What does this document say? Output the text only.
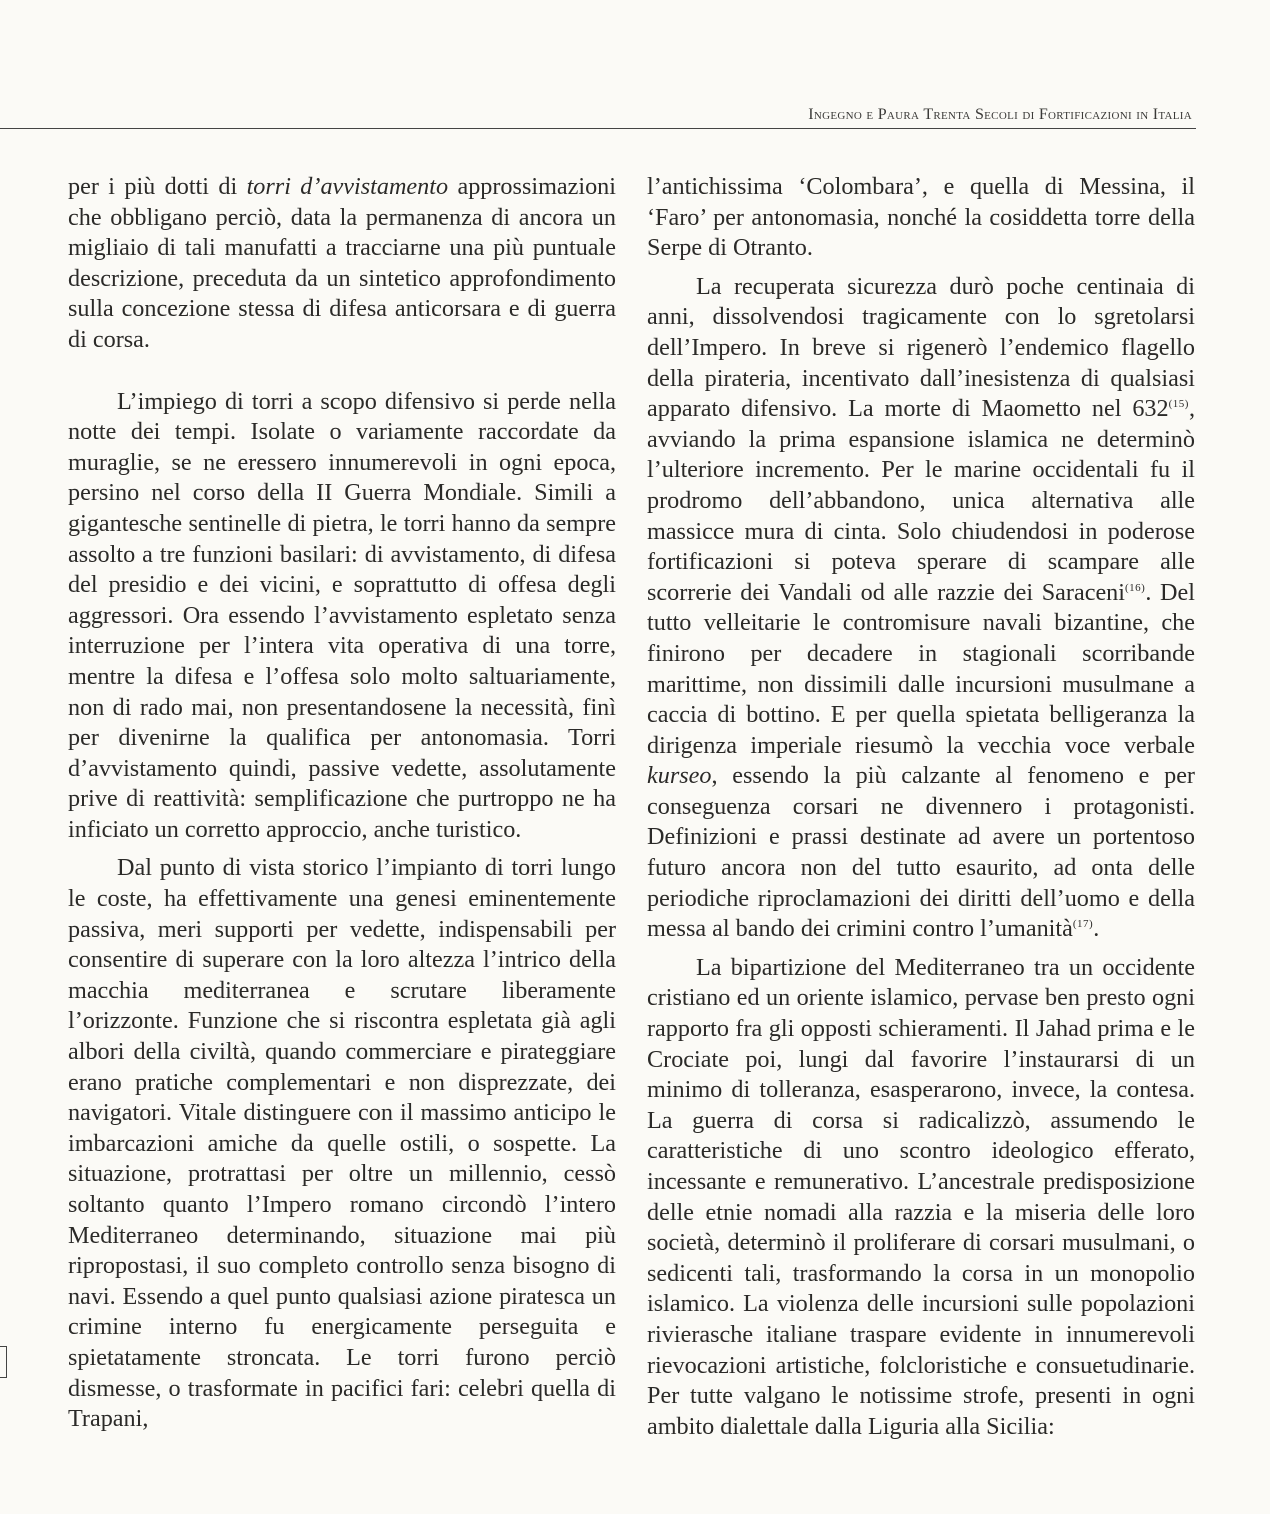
Ingegno e Paura Trenta Secoli di Fortificazioni in Italia

per i più dotti di torri d’avvistamento approssimazioni che obbligano perciò, data la permanenza di ancora un migliaio di tali manufatti a tracciarne una più puntuale descrizione, preceduta da un sintetico approfondimento sulla concezione stessa di difesa anticorsara e di guerra di corsa.

L’impiego di torri a scopo difensivo si perde nella notte dei tempi. Isolate o variamente raccordate da muraglie, se ne eressero innumerevoli in ogni epoca, persino nel corso della II Guerra Mondiale. Simili a gigantesche sentinelle di pietra, le torri hanno da sempre assolto a tre funzioni basilari: di avvistamento, di difesa del presidio e dei vicini, e soprattutto di offesa degli aggressori. Ora essendo l’avvistamento espletato senza interruzione per l’intera vita operativa di una torre, mentre la difesa e l’offesa solo molto saltuariamente, non di rado mai, non presentandosene la necessità, finì per divenirne la qualifica per antonomasia. Torri d’avvistamento quindi, passive vedette, assolutamente prive di reattività: semplificazione che purtroppo ne ha inficiato un corretto approccio, anche turistico.

Dal punto di vista storico l’impianto di torri lungo le coste, ha effettivamente una genesi eminentemente passiva, meri supporti per vedette, indispensabili per consentire di superare con la loro altezza l’intrico della macchia mediterranea e scrutare liberamente l’orizzonte. Funzione che si riscontra espletata già agli albori della civiltà, quando commerciare e pirateggiare erano pratiche complementari e non disprezzate, dei navigatori. Vitale distinguere con il massimo anticipo le imbarcazioni amiche da quelle ostili, o sospette. La situazione, protrattasi per oltre un millennio, cessò soltanto quanto l’Impero romano circondò l’intero Mediterraneo determinando, situazione mai più ripropostasi, il suo completo controllo senza bisogno di navi. Essendo a quel punto qualsiasi azione piratesca un crimine interno fu energicamente perseguita e spietatamente stroncata. Le torri furono perciò dismesse, o trasformate in pacifici fari: celebri quella di Trapani,

l’antichissima ‘Colombara’, e quella di Messina, il ‘Faro’ per antonomasia, nonché la cosiddetta torre della Serpe di Otranto.

La recuperata sicurezza durò poche centinaia di anni, dissolvendosi tragicamente con lo sgretolarsi dell’Impero. In breve si rigenerò l’endemico flagello della pirateria, incentivato dall’inesistenza di qualsiasi apparato difensivo. La morte di Maometto nel 632$^{(15)}$, avviando la prima espansione islamica ne determinò l’ulteriore incremento. Per le marine occidentali fu il prodromo dell’abbandono, unica alternativa alle massicce mura di cinta. Solo chiudendosi in poderose fortificazioni si poteva sperare di scampare alle scorrerie dei Vandali od alle razzie dei Saraceni$^{(16)}$. Del tutto velleitarie le contromisure navali bizantine, che finirono per decadere in stagionali scorribande marittime, non dissimili dalle incursioni musulmane a caccia di bottino. E per quella spietata belligeranza la dirigenza imperiale riesumò la vecchia voce verbale kurseo, essendo la più calzante al fenomeno e per conseguenza corsari ne divennero i protagonisti. Definizioni e prassi destinate ad avere un portentoso futuro ancora non del tutto esaurito, ad onta delle periodiche riproclamazioni dei diritti dell’uomo e della messa al bando dei crimini contro l’umanità$^{(17)}$.

La bipartizione del Mediterraneo tra un occidente cristiano ed un oriente islamico, pervase ben presto ogni rapporto fra gli opposti schieramenti. Il Jahad prima e le Crociate poi, lungi dal favorire l’instaurarsi di un minimo di tolleranza, esasperarono, invece, la contesa. La guerra di corsa si radicalizzò, assumendo le caratteristiche di uno scontro ideologico efferato, incessante e remunerativo. L’ancestrale predisposizione delle etnie nomadi alla razzia e la miseria delle loro società, determinò il proliferare di corsari musulmani, o sedicenti tali, trasformando la corsa in un monopolio islamico. La violenza delle incursioni sulle popolazioni rivierasche italiane traspare evidente in innumerevoli rievocazioni artistiche, folcloristiche e consuetudinarie. Per tutte valgano le notissime strofe, presenti in ogni ambito dialettale dalla Liguria alla Sicilia:
